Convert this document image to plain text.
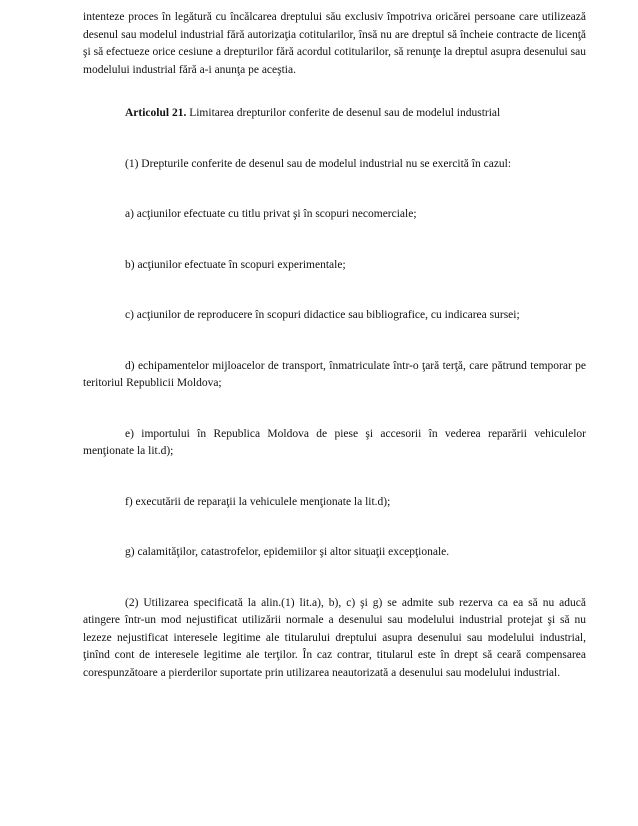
intenteze proces în legătură cu încălcarea dreptului său exclusiv împotriva oricărei persoane care utilizează desenul sau modelul industrial fără autorizaţia cotitularilor, însă nu are dreptul să încheie contracte de licenţă şi să efectueze orice cesiune a drepturilor fără acordul cotitularilor, să renunţe la dreptul asupra desenului sau modelului industrial fără a-i anunţa pe aceştia.

Articolul 21. Limitarea drepturilor conferite de desenul sau de modelul industrial

(1) Drepturile conferite de desenul sau de modelul industrial nu se exercită în cazul:

a) acţiunilor efectuate cu titlu privat şi în scopuri necomerciale;

b) acţiunilor efectuate în scopuri experimentale;

c) acţiunilor de reproducere în scopuri didactice sau bibliografice, cu indicarea sursei;

d) echipamentelor mijloacelor de transport, înmatriculate într-o ţară terţă, care pătrund temporar pe teritoriul Republicii Moldova;

e) importului în Republica Moldova de piese şi accesorii în vederea reparării vehiculelor menţionate la lit.d);

f) executării de reparaţii la vehiculele menţionate la lit.d);

g) calamităţilor, catastrofelor, epidemiilor şi altor situaţii excepţionale.

(2) Utilizarea specificată la alin.(1) lit.a), b), c) şi g) se admite sub rezerva ca ea să nu aducă atingere într-un mod nejustificat utilizării normale a desenului sau modelului industrial protejat şi să nu lezeze nejustificat interesele legitime ale titularului dreptului asupra desenului sau modelului industrial, ţinînd cont de interesele legitime ale terţilor. În caz contrar, titularul este în drept să ceară compensarea corespunzătoare a pierderilor suportate prin utilizarea neautorizată a desenului sau modelului industrial.
